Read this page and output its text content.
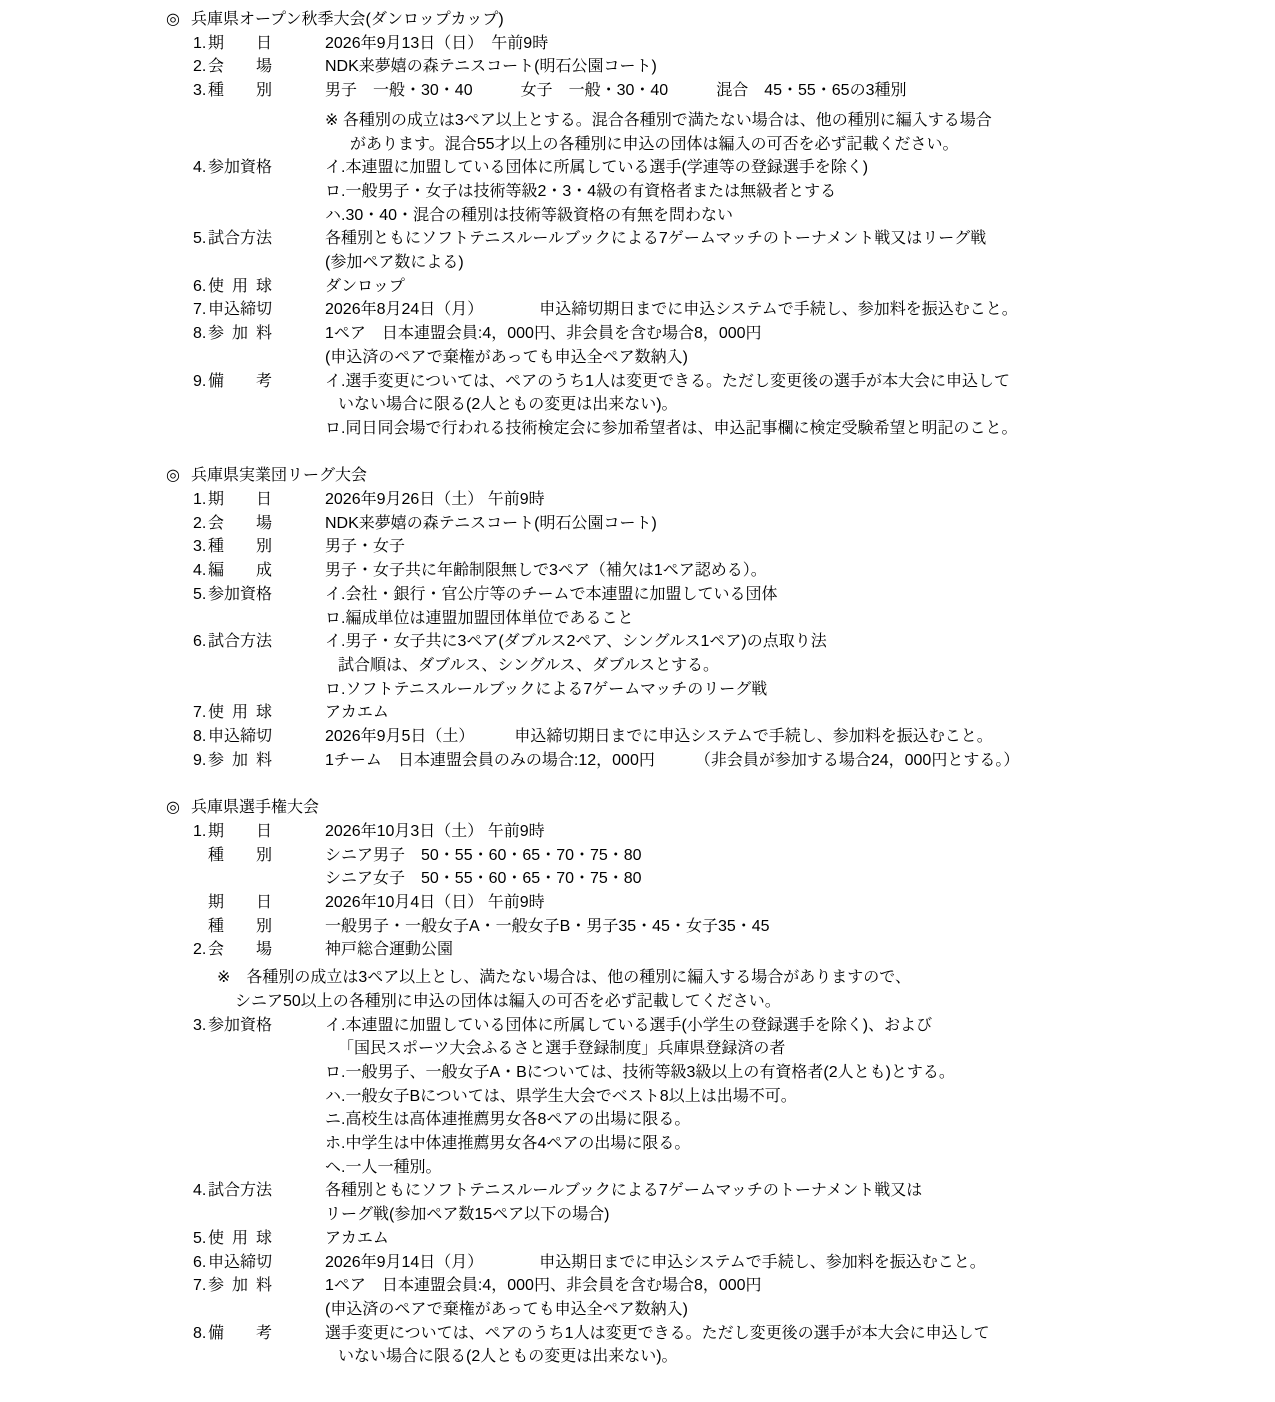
◎ 兵庫県オープン秋季大会(ダンロップカップ)
1. 期日	2026年9月13日（日）　午前9時
2. 会場	NDK来夢嬉の森テニスコート(明石公園コート)
3. 種別	男子　一般・30・40　　　女子　一般・30・40　　　混合　45・55・65の3種別
※ 各種別の成立は3ペア以上とする。混合各種別で満たない場合は、他の種別に編入する場合
があります。混合55才以上の各種別に申込の団体は編入の可否を必ず記載ください。
4. 参加資格	イ.本連盟に加盟している団体に所属している選手(学連等の登録選手を除く)
ロ.一般男子・女子は技術等級2・3・4級の有資格者または無級者とする
ハ.30・40・混合の種別は技術等級資格の有無を問わない
5. 試合方法	各種別ともにソフトテニスルールブックによる7ゲームマッチのトーナメント戦又はリーグ戦
(参加ペア数による)
6. 使用球	ダンロップ
7. 申込締切	2026年8月24日（月）　　　　申込締切期日までに申込システムで手続し、参加料を振込むこと。
8. 参加料	1ペア　日本連盟会員:4，000円、非会員を含む場合8，000円
(申込済のペアで棄権があっても申込全ペア数納入)
9. 備考	イ.選手変更については、ペアのうち1人は変更できる。ただし変更後の選手が本大会に申込して
いない場合に限る(2人ともの変更は出来ない)。
ロ.同日同会場で行われる技術検定会に参加希望者は、申込記事欄に検定受験希望と明記のこと。
◎ 兵庫県実業団リーグ大会
1. 期日	2026年9月26日（土） 午前9時
2. 会場	NDK来夢嬉の森テニスコート(明石公園コート)
3. 種別	男子・女子
4. 編成	男子・女子共に年齢制限無しで3ペア（補欠は1ペア認める）。
5. 参加資格	イ.会社・銀行・官公庁等のチームで本連盟に加盟している団体
ロ.編成単位は連盟加盟団体単位であること
6. 試合方法	イ.男子・女子共に3ペア(ダブルス2ペア、シングルス1ペア)の点取り法
試合順は、ダブルス、シングルス、ダブルスとする。
ロ.ソフトテニスルールブックによる7ゲームマッチのリーグ戦
7. 使用球	アカエム
8. 申込締切	2026年9月5日（土）　　　申込締切期日までに申込システムで手続し、参加料を振込むこと。
9. 参加料	1チーム　日本連盟会員のみの場合:12，000円　　　（非会員が参加する場合24，000円とする。）
◎ 兵庫県選手権大会
1. 期日	2026年10月3日（土） 午前9時
種別	シニア男子　50・55・60・65・70・75・80
シニア女子　50・55・60・65・70・75・80
期日	2026年10月4日（日） 午前9時
種別	一般男子・一般女子A・一般女子B・男子35・45・女子35・45
2. 会場	神戸総合運動公園
※　各種別の成立は3ペア以上とし、満たない場合は、他の種別に編入する場合がありますので、
シニア50以上の各種別に申込の団体は編入の可否を必ず記載してください。
3. 参加資格	イ.本連盟に加盟している団体に所属している選手(小学生の登録選手を除く)、および
「国民スポーツ大会ふるさと選手登録制度」兵庫県登録済の者
ロ.一般男子、一般女子A・Bについては、技術等級3級以上の有資格者(2人とも)とする。
ハ.一般女子Bについては、県学生大会でベスト8以上は出場不可。
ニ.高校生は高体連推薦男女各8ペアの出場に限る。
ホ.中学生は中体連推薦男女各4ペアの出場に限る。
ヘ.一人一種別。
4. 試合方法	各種別ともにソフトテニスルールブックによる7ゲームマッチのトーナメント戦又は
リーグ戦(参加ペア数15ペア以下の場合)
5. 使用球	アカエム
6. 申込締切	2026年9月14日（月）　　　　申込期日までに申込システムで手続し、参加料を振込むこと。
7. 参加料	1ペア　日本連盟会員:4，000円、非会員を含む場合8，000円
(申込済のペアで棄権があっても申込全ペア数納入)
8. 備考	選手変更については、ペアのうち1人は変更できる。ただし変更後の選手が本大会に申込して
いない場合に限る(2人ともの変更は出来ない)。
